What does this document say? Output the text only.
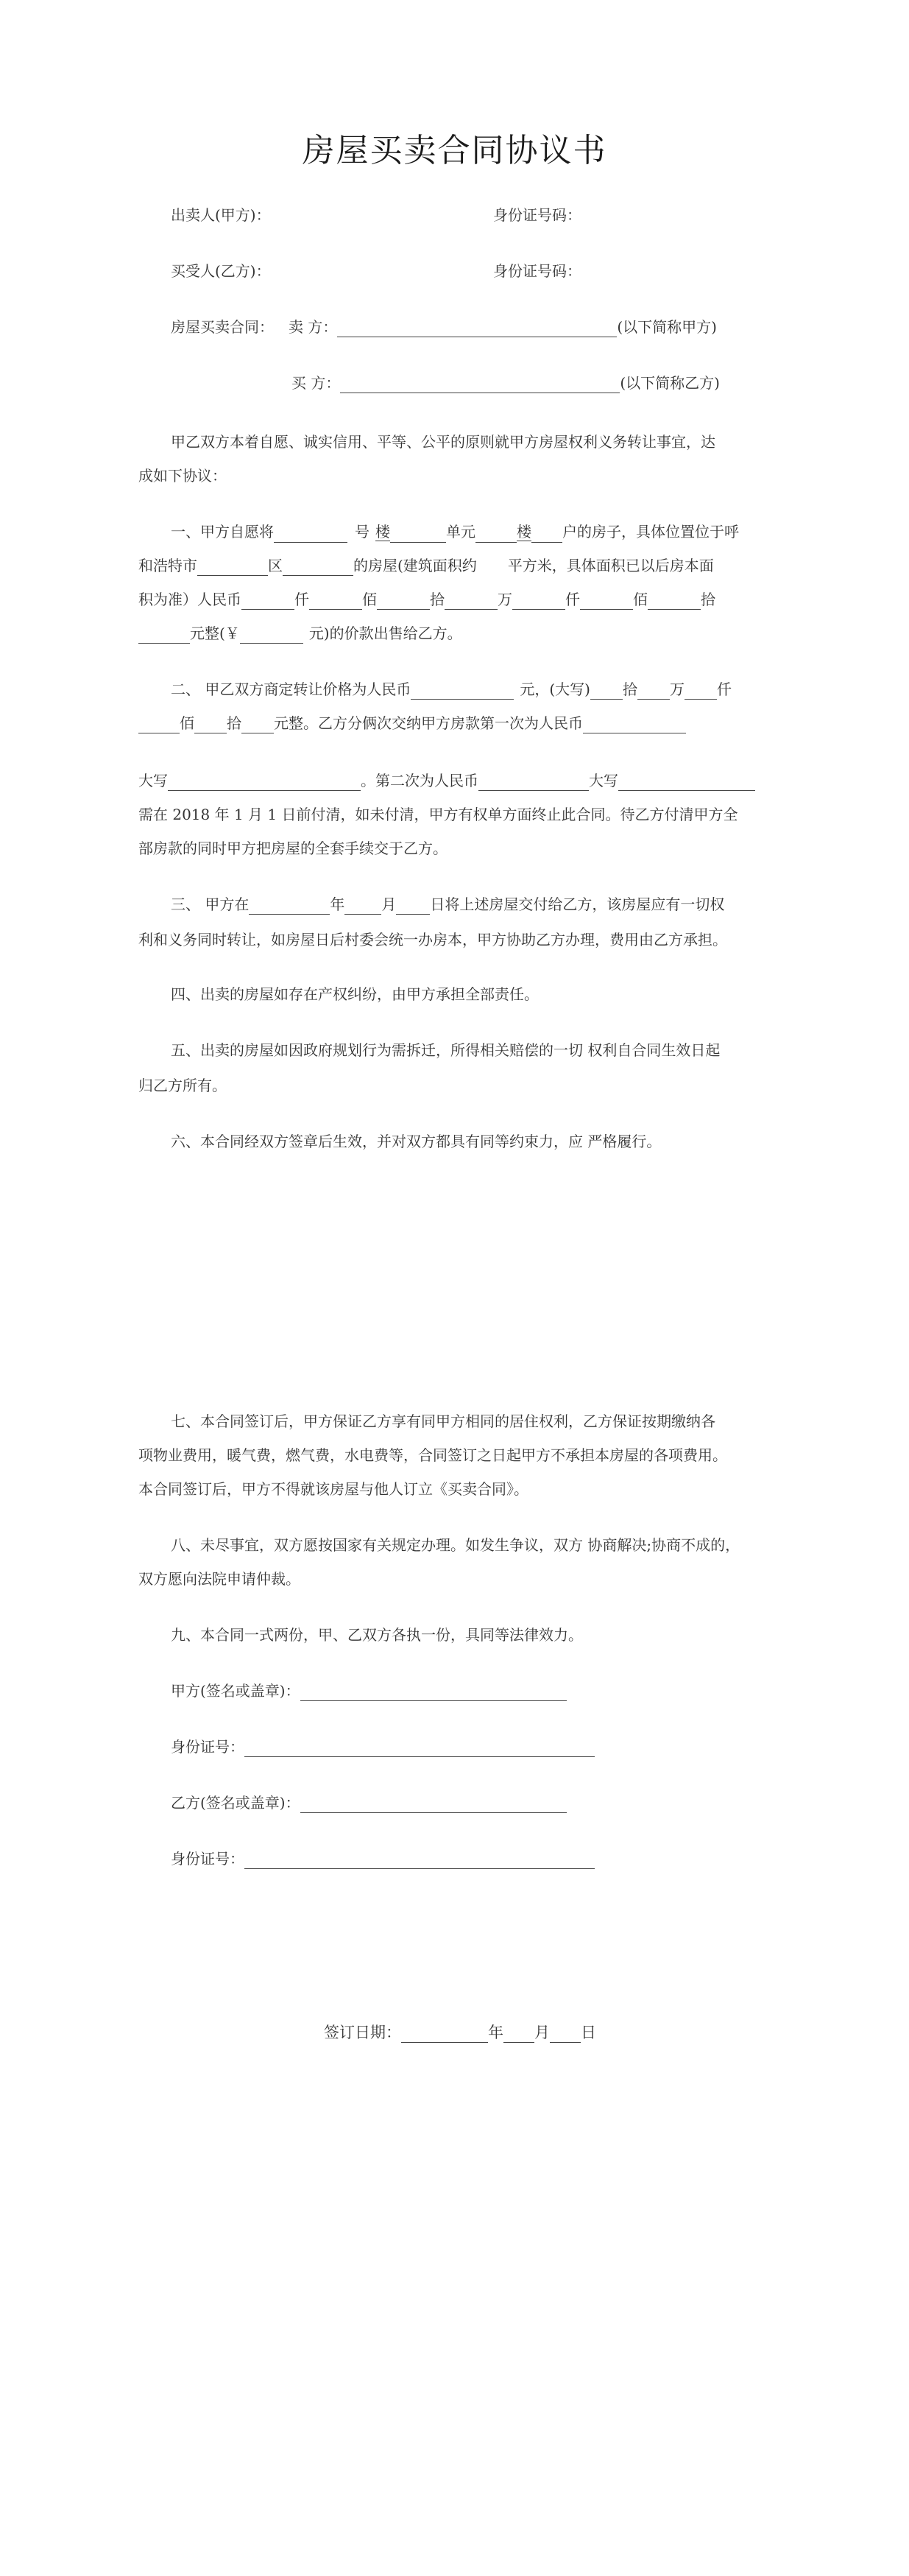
房屋买卖合同协议书
出卖人(甲方)：	身份证号码：
买受人(乙方)：	身份证号码：
房屋买卖合同： 卖 方：	(以下简称甲方)
买 方：	(以下简称乙方)
甲乙双方本着自愿、诚实信用、平等、公平的原则就甲方房屋权利义务转让事宜，达
成如下协议：
一、甲方自愿将	号 楼	单元	楼 户的房子，具体位置位于呼
和浩特市	区	的房屋(建筑面积约 平方米，具体面积已以后房本面
积为准）人民币	仟	佰	拾	万	仟	佰	拾
元整(￥	元)的价款出售给乙方。
二、 甲乙双方商定转让价格为人民币	元，(大写) 拾 万 仟
佰 拾 元整。乙方分俩次交纳甲方房款第一次为人民币
大写	。第二次为人民币	大写
需在 2018 年 1 月 1 日前付清，如未付清，甲方有权单方面终止此合同。待乙方付清甲方全
部房款的同时甲方把房屋的全套手续交于乙方。
三、 甲方在	年	月 日将上述房屋交付给乙方，该房屋应有一切权
利和义务同时转让，如房屋日后村委会统一办房本，甲方协助乙方办理，费用由乙方承担。
四、出卖的房屋如存在产权纠纷，由甲方承担全部责任。
五、出卖的房屋如因政府规划行为需拆迁，所得相关赔偿的一切 权利自合同生效日起
归乙方所有。
六、本合同经双方签章后生效，并对双方都具有同等约束力，应 严格履行。
七、本合同签订后，甲方保证乙方享有同甲方相同的居住权利，乙方保证按期缴纳各
项物业费用，暖气费，燃气费，水电费等，合同签订之日起甲方不承担本房屋的各项费用。
本合同签订后，甲方不得就该房屋与他人订立《买卖合同》。
八、未尽事宜，双方愿按国家有关规定办理。如发生争议，双方 协商解决;协商不成的，
双方愿向法院申请仲裁。
九、本合同一式两份，甲、乙双方各执一份，具同等法律效力。
甲方(签名或盖章)：
身份证号：
乙方(签名或盖章)：
身份证号：
签订日期：	年 月 日
